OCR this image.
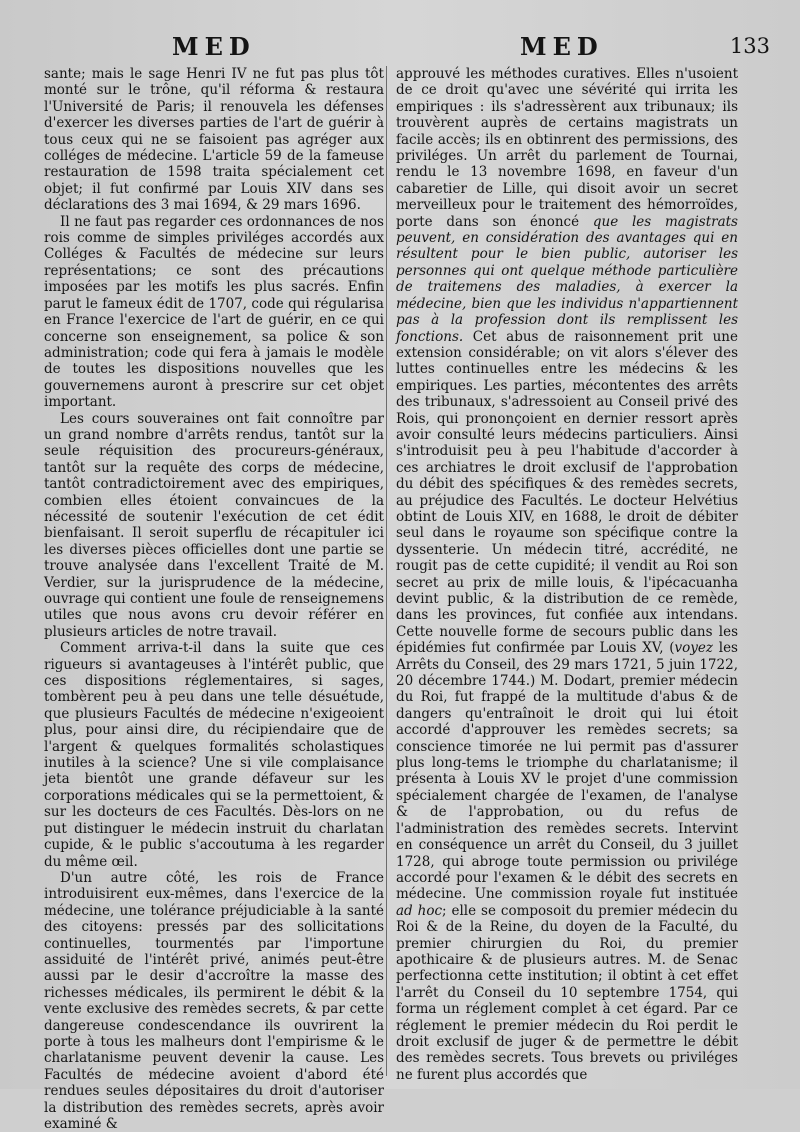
MED	MED	133

sante; mais le sage Henri IV ne fut pas plus tôt monté sur le trône, qu'il réforma & restaura l'Université de Paris; il renouvela les défenses d'exercer les diverses parties de l'art de guérir à tous ceux qui ne se faisoient pas agréger aux colléges de médecine. L'article 59 de la fameuse restauration de 1598 traita spécialement cet objet; il fut confirmé par Louis XIV dans ses déclarations des 3 mai 1694, & 29 mars 1696.

Il ne faut pas regarder ces ordonnances de nos rois comme de simples priviléges accordés aux Colléges & Facultés de médecine sur leurs représentations; ce sont des précautions imposées par les motifs les plus sacrés. Enfin parut le fameux édit de 1707, code qui régularisa en France l'exercice de l'art de guérir, en ce qui concerne son enseignement, sa police & son administration; code qui fera à jamais le modèle de toutes les dispositions nouvelles que les gouvernemens auront à prescrire sur cet objet important.

Les cours souveraines ont fait connoître par un grand nombre d'arrêts rendus, tantôt sur la seule réquisition des procureurs-généraux, tantôt sur la requête des corps de médecine, tantôt contradictoirement avec des empiriques, combien elles étoient convaincues de la nécessité de soutenir l'exécution de cet édit bienfaisant. Il seroit superflu de récapituler ici les diverses pièces officielles dont une partie se trouve analysée dans l'excellent Traité de M. Verdier, sur la jurisprudence de la médecine, ouvrage qui contient une foule de renseignemens utiles que nous avons cru devoir référer en plusieurs articles de notre travail.

Comment arriva-t-il dans la suite que ces rigueurs si avantageuses à l'intérêt public, que ces dispositions réglementaires, si sages, tombèrent peu à peu dans une telle désuétude, que plusieurs Facultés de médecine n'exigeoient plus, pour ainsi dire, du récipiendaire que de l'argent & quelques formalités scholastiques inutiles à la science? Une si vile complaisance jeta bientôt une grande défaveur sur les corporations médicales qui se la permettoient, & sur les docteurs de ces Facultés. Dès-lors on ne put distinguer le médecin instruit du charlatan cupide, & le public s'accoutuma à les regarder du même œil.

D'un autre côté, les rois de France introduisirent eux-mêmes, dans l'exercice de la médecine, une tolérance préjudiciable à la santé des citoyens: pressés par des sollicitations continuelles, tourmentés par l'importune assiduité de l'intérêt privé, animés peut-être aussi par le desir d'accroître la masse des richesses médicales, ils permirent le débit & la vente exclusive des remèdes secrets, & par cette dangereuse condescendance ils ouvrirent la porte à tous les malheurs dont l'empirisme & le charlatanisme peuvent devenir la cause. Les Facultés de médecine avoient d'abord été rendues seules dépositaires du droit d'autoriser la distribution des remèdes secrets, après avoir examiné &

approuvé les méthodes curatives. Elles n'usoient de ce droit qu'avec une sévérité qui irrita les empiriques : ils s'adressèrent aux tribunaux; ils trouvèrent auprès de certains magistrats un facile accès; ils en obtinrent des permissions, des priviléges. Un arrêt du parlement de Tournai, rendu le 13 novembre 1698, en faveur d'un cabaretier de Lille, qui disoit avoir un secret merveilleux pour le traitement des hémorroïdes, porte dans son énoncé que les magistrats peuvent, en considération des avantages qui en résultent pour le bien public, autoriser les personnes qui ont quelque méthode particulière de traitemens des maladies, à exercer la médecine, bien que les individus n'appartiennent pas à la profession dont ils remplissent les fonctions. Cet abus de raisonnement prit une extension considérable; on vit alors s'élever des luttes continuelles entre les médecins & les empiriques. Les parties, mécontentes des arrêts des tribunaux, s'adressoient au Conseil privé des Rois, qui prononçoient en dernier ressort après avoir consulté leurs médecins particuliers. Ainsi s'introduisit peu à peu l'habitude d'accorder à ces archiatres le droit exclusif de l'approbation du débit des spécifiques & des remèdes secrets, au préjudice des Facultés. Le docteur Helvétius obtint de Louis XIV, en 1688, le droit de débiter seul dans le royaume son spécifique contre la dyssenterie. Un médecin titré, accrédité, ne rougit pas de cette cupidité; il vendit au Roi son secret au prix de mille louis, & l'ipécacuanha devint public, & la distribution de ce remède, dans les provinces, fut confiée aux intendans. Cette nouvelle forme de secours public dans les épidémies fut confirmée par Louis XV, (voyez les Arrêts du Conseil, des 29 mars 1721, 5 juin 1722, 20 décembre 1744.) M. Dodart, premier médecin du Roi, fut frappé de la multitude d'abus & de dangers qu'entraînoit le droit qui lui étoit accordé d'approuver les remèdes secrets; sa conscience timorée ne lui permit pas d'assurer plus long-tems le triomphe du charlatanisme; il présenta à Louis XV le projet d'une commission spécialement chargée de l'examen, de l'analyse & de l'approbation, ou du refus de l'administration des remèdes secrets. Intervint en conséquence un arrêt du Conseil, du 3 juillet 1728, qui abroge toute permission ou privilége accordé pour l'examen & le débit des secrets en médecine. Une commission royale fut instituée ad hoc; elle se composoit du premier médecin du Roi & de la Reine, du doyen de la Faculté, du premier chirurgien du Roi, du premier apothicaire & de plusieurs autres. M. de Senac perfectionna cette institution; il obtint à cet effet l'arrêt du Conseil du 10 septembre 1754, qui forma un réglement complet à cet égard. Par ce réglement le premier médecin du Roi perdit le droit exclusif de juger & de permettre le débit des remèdes secrets. Tous brevets ou priviléges ne furent plus accordés que
